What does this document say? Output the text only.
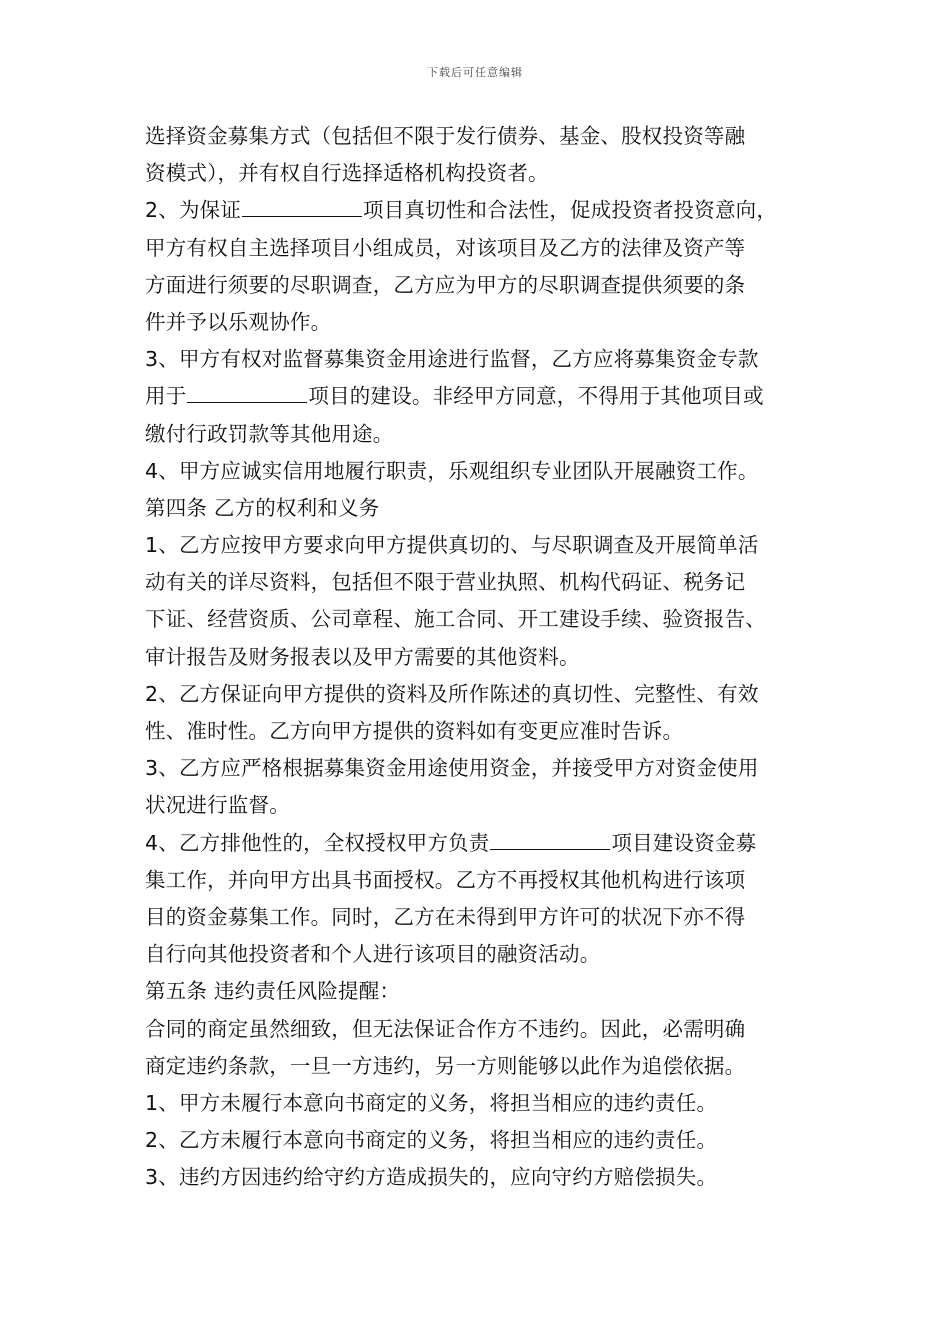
下载后可任意编辑
选择资金募集方式（包括但不限于发行债券、基金、股权投资等融
资模式），并有权自行选择适格机构投资者。
2、为保证	项目真切性和合法性，促成投资者投资意向，
甲方有权自主选择项目小组成员，对该项目及乙方的法律及资产等
方面进行须要的尽职调查，乙方应为甲方的尽职调查提供须要的条
件并予以乐观协作。
3、甲方有权对监督募集资金用途进行监督，乙方应将募集资金专款
用于	项目的建设。非经甲方同意，不得用于其他项目或
缴付行政罚款等其他用途。
4、甲方应诚实信用地履行职责，乐观组织专业团队开展融资工作。
第四条 乙方的权利和义务
1、乙方应按甲方要求向甲方提供真切的、与尽职调查及开展简单活
动有关的详尽资料，包括但不限于营业执照、机构代码证、税务记
下证、经营资质、公司章程、施工合同、开工建设手续、验资报告、
审计报告及财务报表以及甲方需要的其他资料。
2、乙方保证向甲方提供的资料及所作陈述的真切性、完整性、有效
性、准时性。乙方向甲方提供的资料如有变更应准时告诉。
3、乙方应严格根据募集资金用途使用资金，并接受甲方对资金使用
状况进行监督。
4、乙方排他性的，全权授权甲方负责	项目建设资金募
集工作，并向甲方出具书面授权。乙方不再授权其他机构进行该项
目的资金募集工作。同时，乙方在未得到甲方许可的状况下亦不得
自行向其他投资者和个人进行该项目的融资活动。
第五条 违约责任风险提醒：
合同的商定虽然细致，但无法保证合作方不违约。因此，必需明确
商定违约条款，一旦一方违约，另一方则能够以此作为追偿依据。
1、甲方未履行本意向书商定的义务，将担当相应的违约责任。
2、乙方未履行本意向书商定的义务，将担当相应的违约责任。
3、违约方因违约给守约方造成损失的，应向守约方赔偿损失。
